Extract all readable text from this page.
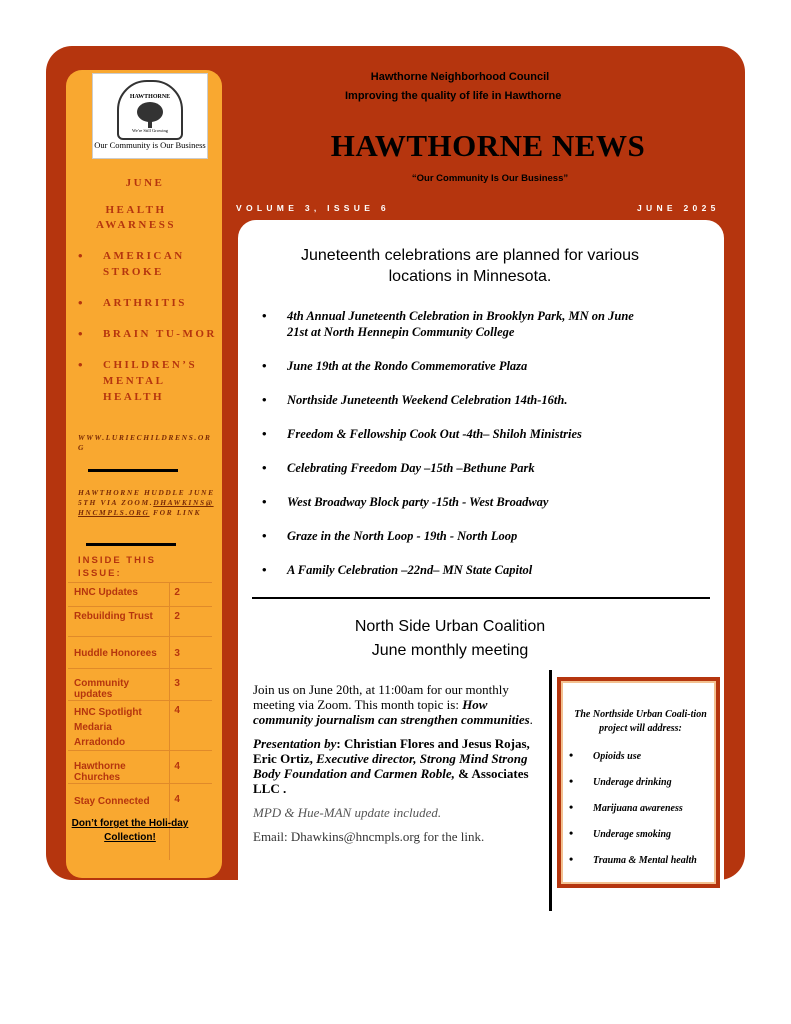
HAWTHORNE
We're Still Growing
Our Community is Our Business
JUNE
HEALTH AWARNESS
• AMERICAN STROKE
• ARTHRITIS
• BRAIN TU-MOR
• CHILDREN’S MENTAL HEALTH
WWW.LURIECHILDRENS.ORG
HAWTHORNE HUDDLE JUNE 5TH VIA ZOOM.DHAWKINS@HNCMPLS.ORG FOR LINK
INSIDE THIS ISSUE:
HNC Updates	2
Rebuilding Trust	2
Huddle Honorees	3
Community updates	3
HNC Spotlight Medaria Arradondo	4
Hawthorne Churches	4
Stay Connected	4
Don’t forget the Holi-day Collection!
Hawthorne Neighborhood Council
Improving the quality of life in Hawthorne
HAWTHORNE NEWS
“Our Community Is Our Business”
VOLUME 3, ISSUE 6	JUNE 2025
Juneteenth celebrations are planned for various locations in Minnesota.
• 4th Annual Juneteenth Celebration in Brooklyn Park, MN on June 21st at North Hennepin Community College
• June 19th at the Rondo Commemorative Plaza
• Northside Juneteenth Weekend Celebration 14th-16th.
• Freedom & Fellowship Cook Out -4th– Shiloh Ministries
• Celebrating Freedom Day –15th –Bethune Park
• West Broadway Block party -15th - West Broadway
• Graze in the North Loop - 19th - North Loop
• A Family Celebration –22nd– MN State Capitol
North Side Urban Coalition
June monthly meeting

Join us on June 20th, at 11:00am for our monthly meeting via Zoom. This month topic is: How community journalism can strengthen communities.

Presentation by: Christian Flores and Jesus Rojas, Eric Ortiz, Executive director, Strong Mind Strong Body Foundation and Carmen Roble, & Associates LLC .

MPD & Hue-MAN update included.

Email: Dhawkins@hncmpls.org for the link.

The Northside Urban Coali-tion project will address:
• Opioids use
• Underage drinking
• Marijuana awareness
• Underage smoking
• Trauma & Mental health
